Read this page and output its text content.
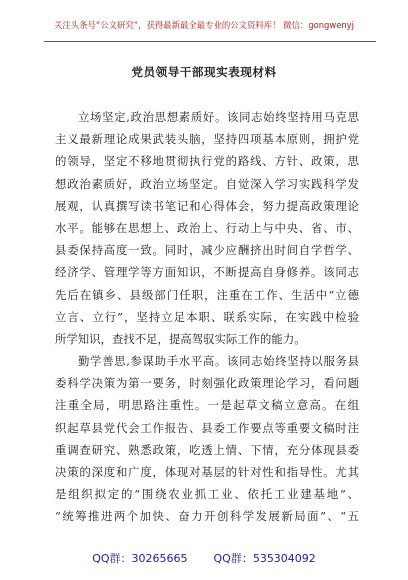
关注头条号“公文研究”，获得最新最全最专业的公文资料库！ 微信：gongwenyj
党员领导干部现实表现材料
立场坚定,政治思想素质好。该同志始终坚持用马克思
主义最新理论成果武装头脑，坚持四项基本原则，拥护党
的领导，坚定不移地贯彻执行党的路线、方针、政策，思
想政治素质好，政治立场坚定。自觉深入学习实践科学发
展观，认真撰写读书笔记和心得体会，努力提高政策理论
水平。能够在思想上、政治上、行动上与中央、省、市、
县委保持高度一致。同时，减少应酬挤出时间自学哲学、
经济学、管理学等方面知识，不断提高自身修养。该同志
先后在镇乡、县级部门任职，注重在工作、生活中“立德
立言、立行”，坚持立足本职、联系实际，在实践中检验
所学知识，查找不足，提高驾驭实际工作的能力。
勤学善思,参谋助手水平高。该同志始终坚持以服务县
委科学决策为第一要务，时刻强化政策理论学习，看问题
注重全局，明思路注重性。一是起草文稿立意高。在组
织起草县党代会工作报告、县委工作要点等重要文稿时注
重调查研究、熟悉政策，吃透上情、下情，充分体现县委
决策的深度和广度，体现对基层的针对性和指导性。尤其
是组织拟定的“围绕农业抓工业、依托工业建基地”、
“统筹推进两个加快、奋力开创科学发展新局面”、“五
QQ群：30265665 QQ群：535304092
